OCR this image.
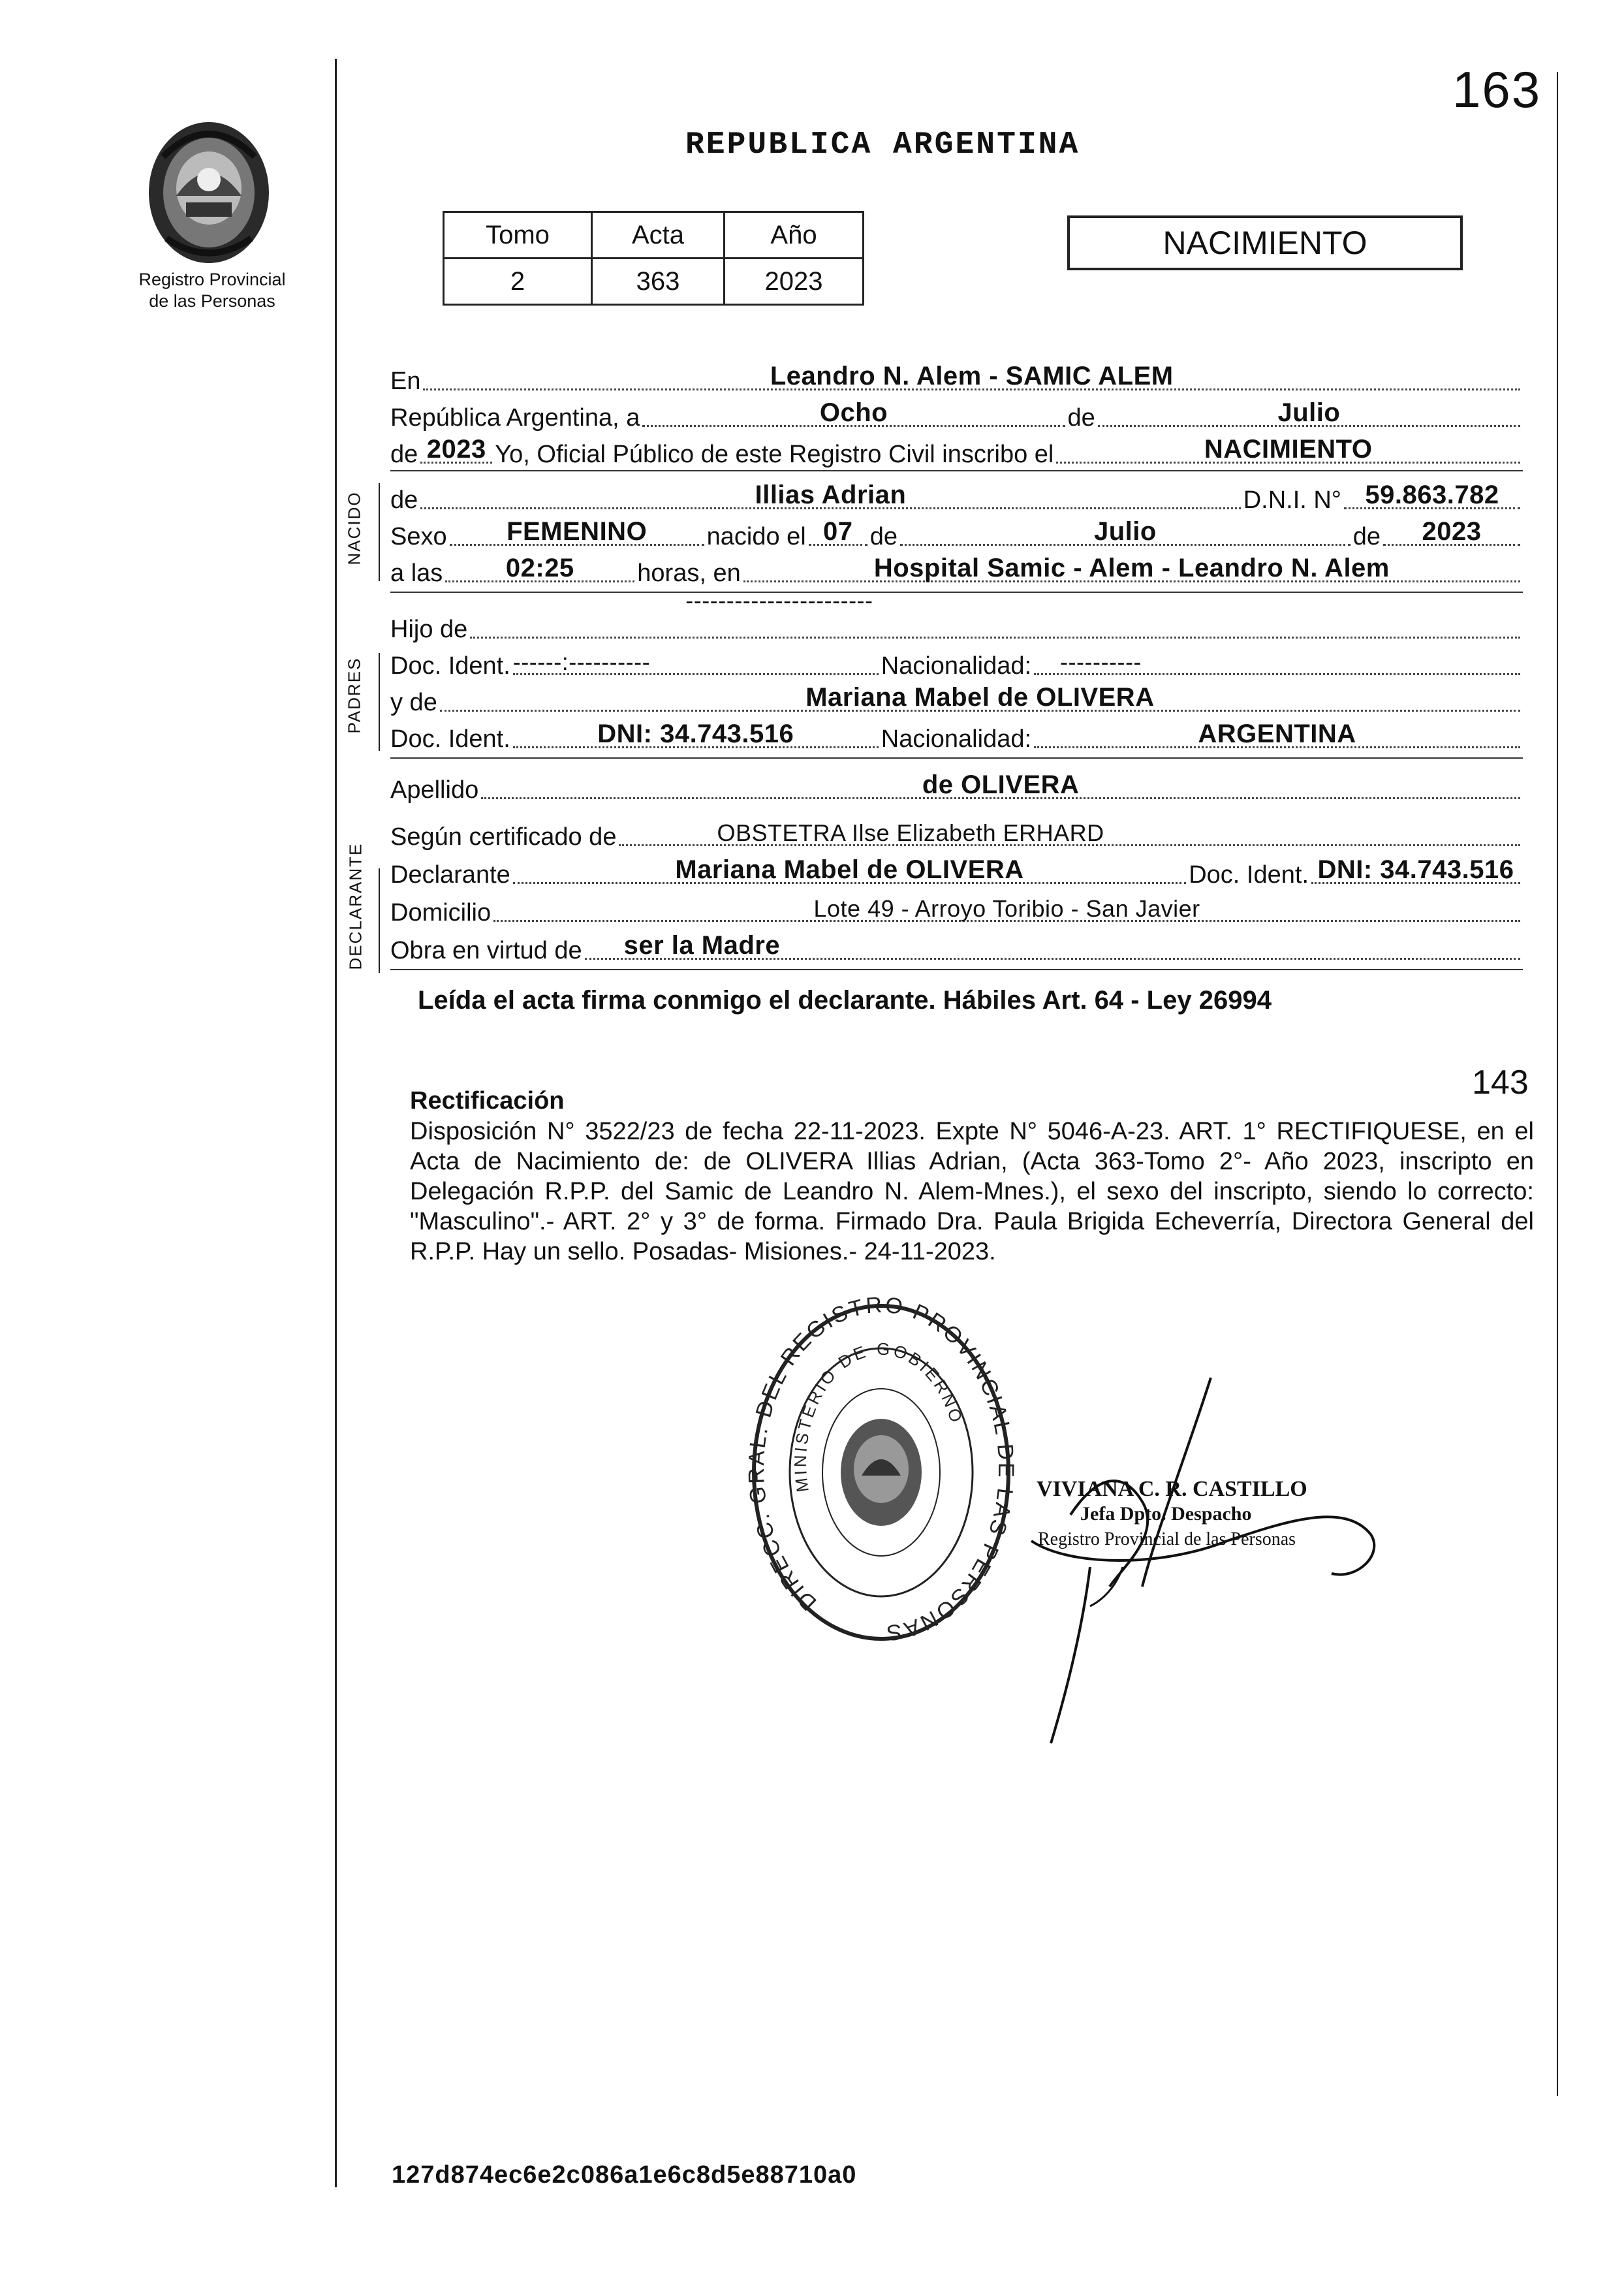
Registro Provincial
de las Personas
163
REPUBLICA ARGENTINA
Tomo	Acta	Año
2	363	2023
NACIMIENTO
NACIDO
PADRES
DECLARANTE
En	Leandro N. Alem - SAMIC ALEM
República Argentina, a	Ocho	de	Julio
de 2023 Yo, Oficial Público de este Registro Civil inscribo el	NACIMIENTO
de	Illias Adrian	D.N.I. N° 59.863.782
Sexo	FEMENINO	nacido el 07 de	Julio	de	2023
a las	02:25	horas, en	Hospital Samic - Alem - Leandro N. Alem
Hijo de
-----------------------
Doc. Ident. ------:----------	Nacionalidad: ----------
y de	Mariana Mabel de OLIVERA
Doc. Ident.	DNI: 34.743.516	Nacionalidad:	ARGENTINA
Apellido	de OLIVERA
Según certificado de	OBSTETRA Ilse Elizabeth ERHARD
Declarante	Mariana Mabel de OLIVERA	Doc. Ident. DNI: 34.743.516
Domicilio	Lote 49 - Arroyo Toribio - San Javier
Obra en virtud de ser la Madre
Leída el acta firma conmigo el declarante. Hábiles Art. 64 - Ley 26994
143
Rectificación
Disposición N° 3522/23 de fecha 22-11-2023. Expte N° 5046-A-23. ART. 1° RECTIFIQUESE, en el Acta de Nacimiento de: de OLIVERA Illias Adrian, (Acta 363-Tomo 2°- Año 2023, inscripto en Delegación R.P.P. del Samic de Leandro N. Alem-Mnes.), el sexo del inscripto, siendo lo correcto: "Masculino".- ART. 2° y 3° de forma. Firmado Dra. Paula Brigida Echeverría, Directora General del R.P.P. Hay un sello. Posadas- Misiones.- 24-11-2023.
DIRECC. GRAL. DEL REGISTRO PROVINCIAL DE LAS PERSONAS
MINISTERIO DE GOBIERNO
VIVIANA C. R. CASTILLO
Jefa Dpto. Despacho
Registro Provincial de las Personas
127d874ec6e2c086a1e6c8d5e88710a0
